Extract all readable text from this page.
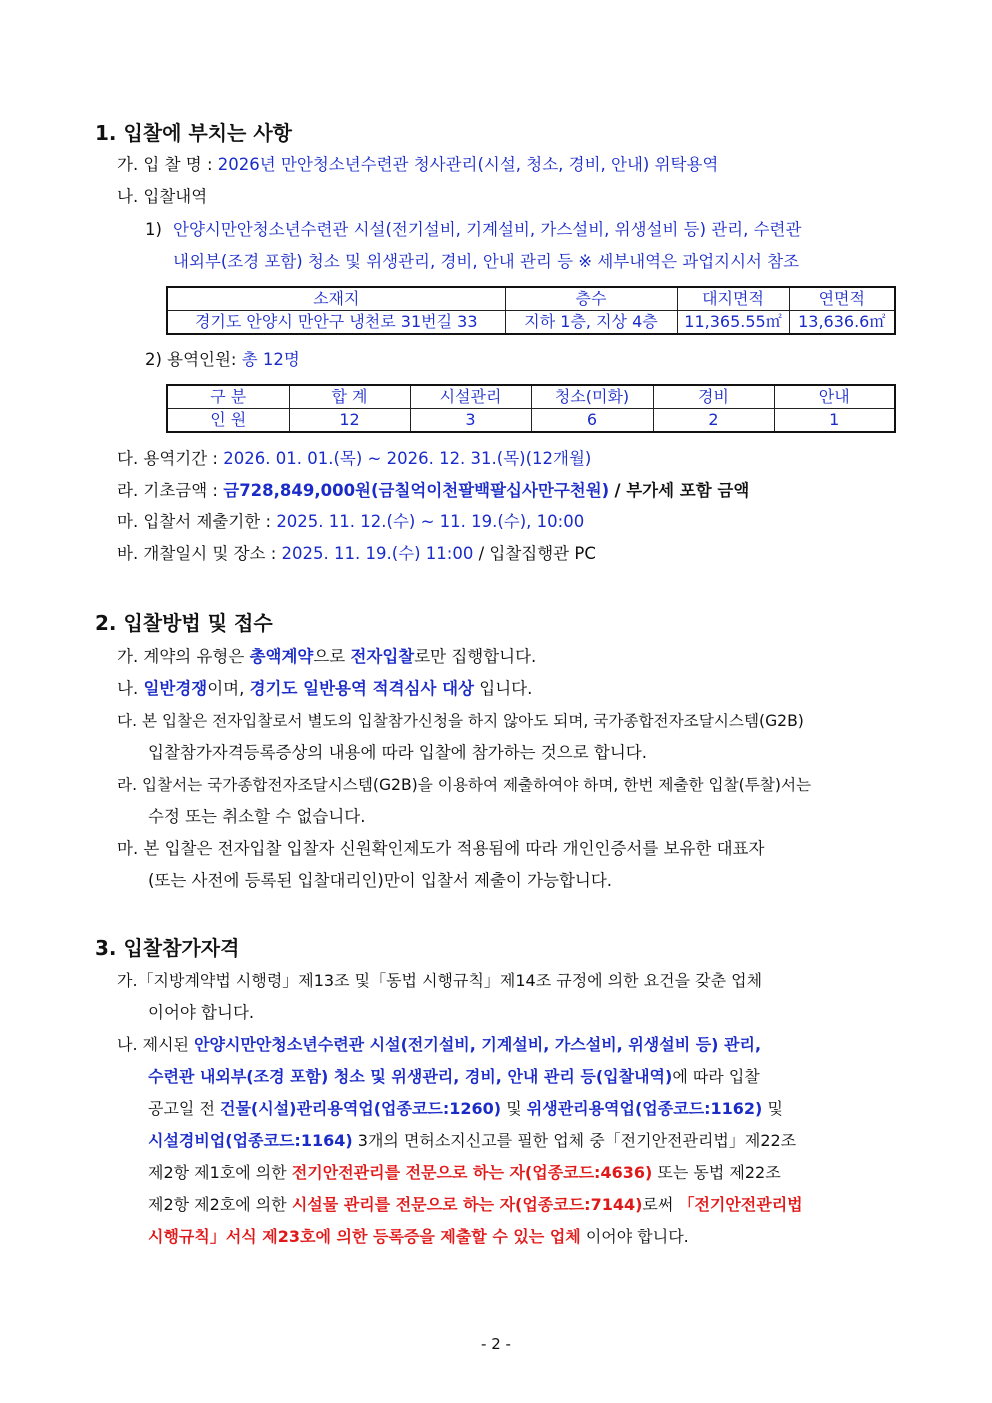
1. 입찰에 부치는 사항
가. 입 찰 명 : 2026년 만안청소년수련관 청사관리(시설, 청소, 경비, 안내) 위탁용역
나. 입찰내역
1) 안양시만안청소년수련관 시설(전기설비, 기계설비, 가스설비, 위생설비 등) 관리, 수련관
내외부(조경 포함) 청소 및 위생관리, 경비, 안내 관리 등 ※ 세부내역은 과업지시서 참조
소재지	층수	대지면적	연면적
경기도 안양시 만안구 냉천로 31번길 33	지하 1층, 지상 4층	11,365.55㎡	13,636.6㎡
2) 용역인원: 총 12명
구 분	합 계	시설관리	청소(미화)	경비	안내
인 원	12	3	6	2	1
다. 용역기간 : 2026. 01. 01.(목) ~ 2026. 12. 31.(목)(12개월)
라. 기초금액 : 금728,849,000원(금칠억이천팔백팔십사만구천원) / 부가세 포함 금액
마. 입찰서 제출기한 : 2025. 11. 12.(수) ~ 11. 19.(수), 10:00
바. 개찰일시 및 장소 : 2025. 11. 19.(수) 11:00 / 입찰집행관 PC
2. 입찰방법 및 접수
가. 계약의 유형은 총액계약으로 전자입찰로만 집행합니다.
나. 일반경쟁이며, 경기도 일반용역 적격심사 대상 입니다.
다. 본 입찰은 전자입찰로서 별도의 입찰참가신청을 하지 않아도 되며, 국가종합전자조달시스템(G2B)
입찰참가자격등록증상의 내용에 따라 입찰에 참가하는 것으로 합니다.
라. 입찰서는 국가종합전자조달시스템(G2B)을 이용하여 제출하여야 하며, 한번 제출한 입찰(투찰)서는
수정 또는 취소할 수 없습니다.
마. 본 입찰은 전자입찰 입찰자 신원확인제도가 적용됨에 따라 개인인증서를 보유한 대표자
(또는 사전에 등록된 입찰대리인)만이 입찰서 제출이 가능합니다.
3. 입찰참가자격
가.「지방계약법 시행령」제13조 및「동법 시행규칙」제14조 규정에 의한 요건을 갖춘 업체
이어야 합니다.
나. 제시된 안양시만안청소년수련관 시설(전기설비, 기계설비, 가스설비, 위생설비 등) 관리,
수련관 내외부(조경 포함) 청소 및 위생관리, 경비, 안내 관리 등(입찰내역)에 따라 입찰
공고일 전 건물(시설)관리용역업(업종코드:1260) 및 위생관리용역업(업종코드:1162) 및
시설경비업(업종코드:1164) 3개의 면허소지신고를 필한 업체 중「전기안전관리법」제22조
제2항 제1호에 의한 전기안전관리를 전문으로 하는 자(업종코드:4636) 또는 동법 제22조
제2항 제2호에 의한 시설물 관리를 전문으로 하는 자(업종코드:7144)로써 「전기안전관리법
시행규칙」서식 제23호에 의한 등록증을 제출할 수 있는 업체 이어야 합니다.
- 2 -
